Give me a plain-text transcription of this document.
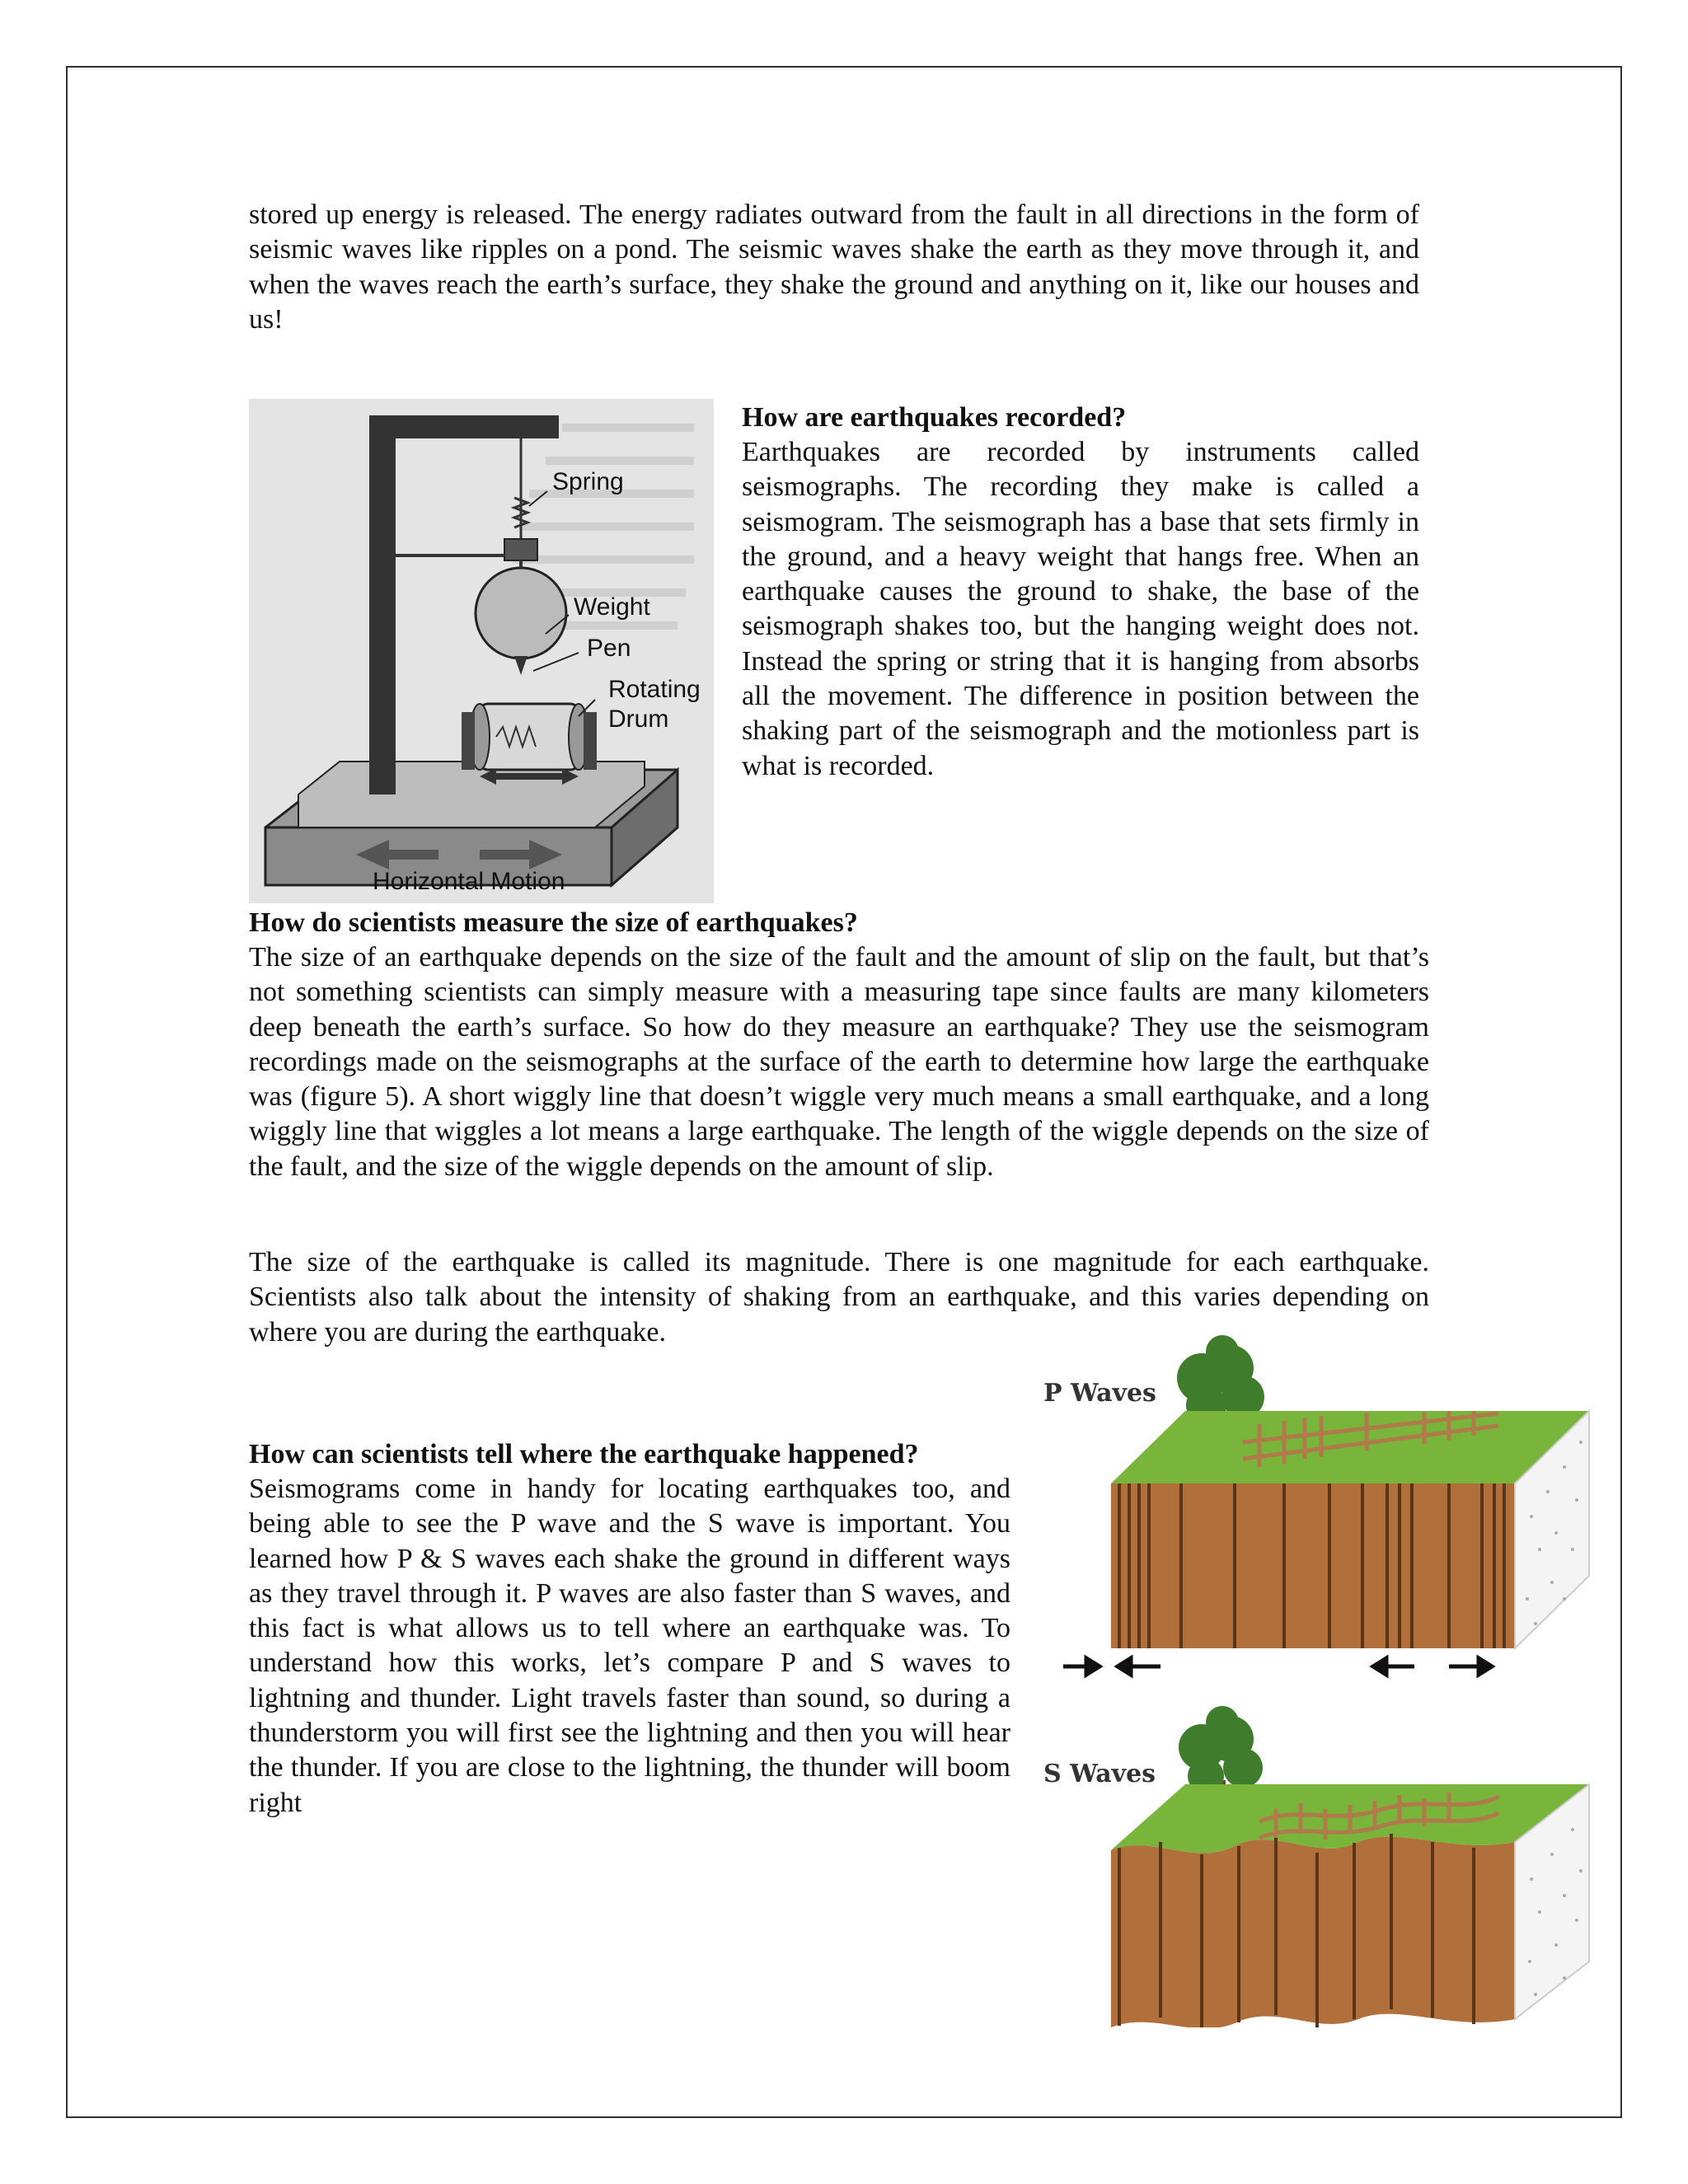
stored up energy is released. The energy radiates outward from the fault in all directions in the form of seismic waves like ripples on a pond. The seismic waves shake the earth as they move through it, and when the waves reach the earth’s surface, they shake the ground and anything on it, like our houses and us!

Spring
Weight
Pen
Rotating
Drum
Horizontal Motion

How are earthquakes recorded?

Earthquakes are recorded by instruments called seismographs. The recording they make is called a seismogram. The seismograph has a base that sets firmly in the ground, and a heavy weight that hangs free. When an earthquake causes the ground to shake, the base of the seismograph shakes too, but the hanging weight does not. Instead the spring or string that it is hanging from absorbs all the movement. The difference in position between the shaking part of the seismograph and the motionless part is what is recorded.

How do scientists measure the size of earthquakes?

The size of an earthquake depends on the size of the fault and the amount of slip on the fault, but that’s not something scientists can simply measure with a measuring tape since faults are many kilometers deep beneath the earth’s surface. So how do they measure an earthquake? They use the seismogram recordings made on the seismographs at the surface of the earth to determine how large the earthquake was (figure 5). A short wiggly line that doesn’t wiggle very much means a small earthquake, and a long wiggly line that wiggles a lot means a large earthquake. The length of the wiggle depends on the size of the fault, and the size of the wiggle depends on the amount of slip.

The size of the earthquake is called its magnitude. There is one magnitude for each earthquake. Scientists also talk about the intensity of shaking from an earthquake, and this varies depending on where you are during the earthquake.

How can scientists tell where the earthquake happened?

Seismograms come in handy for locating earthquakes too, and being able to see the P wave and the S wave is important. You learned how P & S waves each shake the ground in different ways as they travel through it. P waves are also faster than S waves, and this fact is what allows us to tell where an earthquake was. To understand how this works, let’s compare P and S waves to lightning and thunder. Light travels faster than sound, so during a thunderstorm you will first see the lightning and then you will hear the thunder. If you are close to the lightning, the thunder will boom right

P Waves
S Waves
